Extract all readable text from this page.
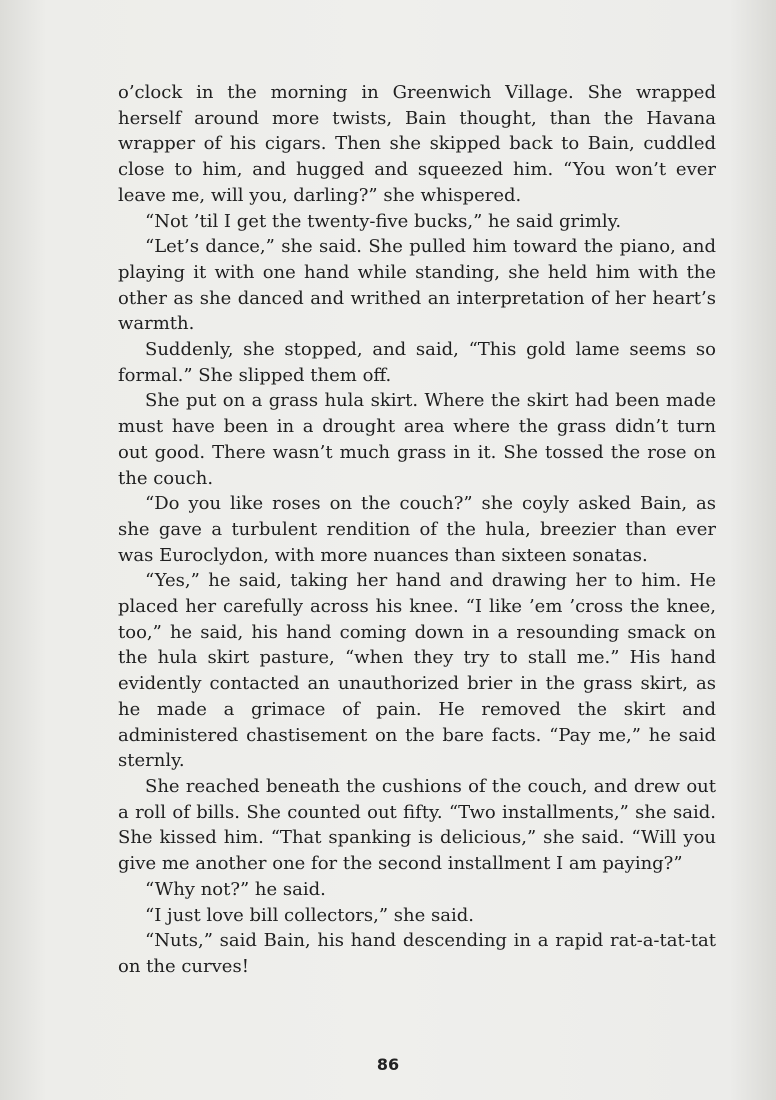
o’clock in the morning in Greenwich Village. She wrapped herself around more twists, Bain thought, than the Havana wrapper of his cigars. Then she skipped back to Bain, cuddled close to him, and hugged and squeezed him. “You won’t ever leave me, will you, darling?” she whispered.

“Not ’til I get the twenty-five bucks,” he said grimly.

“Let’s dance,” she said. She pulled him toward the piano, and playing it with one hand while standing, she held him with the other as she danced and writhed an interpretation of her heart’s warmth.

Suddenly, she stopped, and said, “This gold lame seems so formal.” She slipped them off.

She put on a grass hula skirt. Where the skirt had been made must have been in a drought area where the grass didn’t turn out good. There wasn’t much grass in it. She tossed the rose on the couch.

“Do you like roses on the couch?” she coyly asked Bain, as she gave a turbulent rendition of the hula, breezier than ever was Euroclydon, with more nuances than sixteen sonatas.

“Yes,” he said, taking her hand and drawing her to him. He placed her carefully across his knee. “I like ’em ’cross the knee, too,” he said, his hand coming down in a resounding smack on the hula skirt pasture, “when they try to stall me.” His hand evidently contacted an unauthorized brier in the grass skirt, as he made a grimace of pain. He removed the skirt and administered chastisement on the bare facts. “Pay me,” he said sternly.

She reached beneath the cushions of the couch, and drew out a roll of bills. She counted out fifty. “Two installments,” she said. She kissed him. “That spanking is delicious,” she said. “Will you give me another one for the second installment I am paying?”

“Why not?” he said.

“I just love bill collectors,” she said.

“Nuts,” said Bain, his hand descending in a rapid rat-a-tat-tat on the curves!

86
